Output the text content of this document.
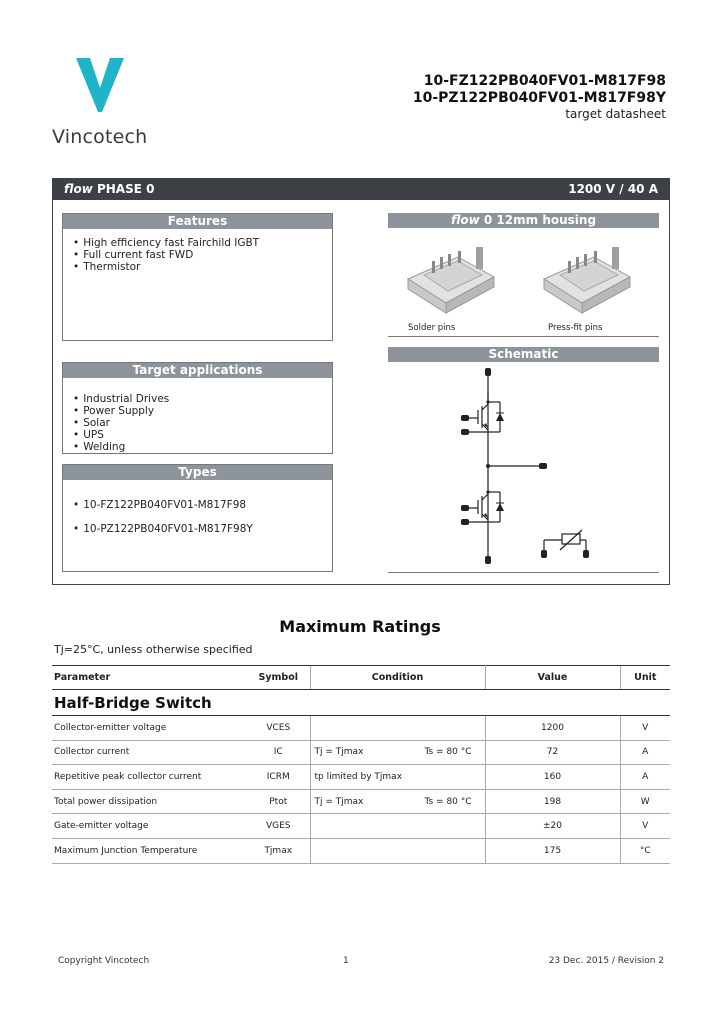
Vincotech
10-FZ122PB040FV01-M817F98
10-PZ122PB040FV01-M817F98Y
target datasheet
flow PHASE 0	1200 V / 40 A
Features
• High efficiency fast Fairchild IGBT
• Full current fast FWD
• Thermistor
Target applications
• Industrial Drives
• Power Supply
• Solar
• UPS
• Welding
Types
• 10-FZ122PB040FV01-M817F98
• 10-PZ122PB040FV01-M817F98Y
flow 0 12mm housing
Solder pins	Press-fit pins
Schematic
Maximum Ratings
Tj=25°C, unless otherwise specified
Parameter	Symbol	Condition	Value	Unit
Half-Bridge Switch				
Collector-emitter voltage	VCES		1200	V
Collector current	IC	Tj = Tjmax Ts = 80 °C	72	A
Repetitive peak collector current	ICRM	tp limited by Tjmax	160	A
Total power dissipation	Ptot	Tj = Tjmax Ts = 80 °C	198	W
Gate-emitter voltage	VGES		±20	V
Maximum Junction Temperature	Tjmax		175	°C
Copyright Vincotech	1	23 Dec. 2015 / Revision 2
